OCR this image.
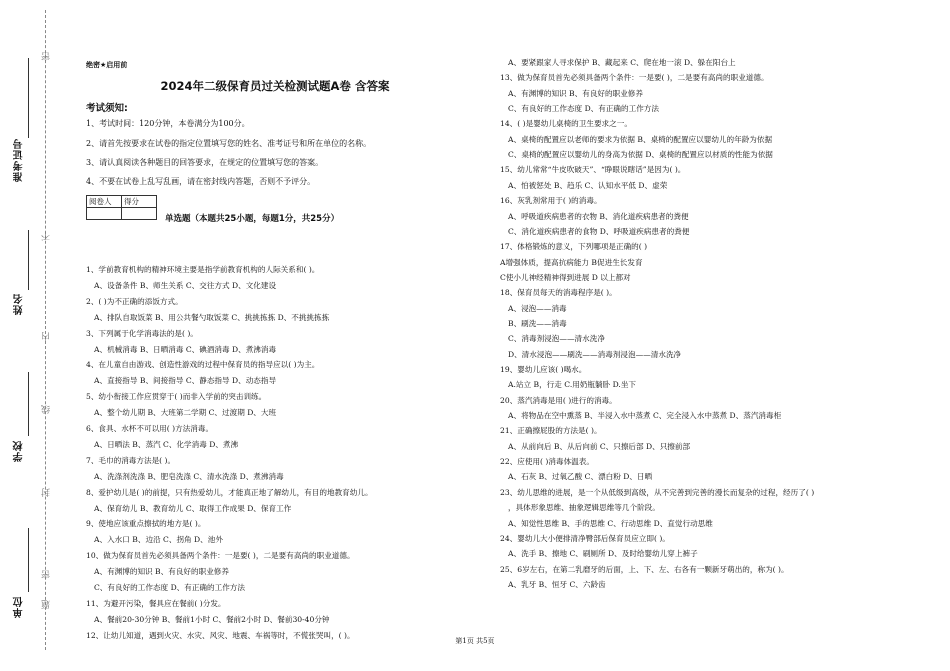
准考证号
姓名
学校
单位
密
不
内
线
封
密
题
绝密★启用前
2024年二级保育员过关检测试题A卷 含答案
考试须知:
1、考试时间：120分钟，本卷满分为100分。
2、请首先按要求在试卷的指定位置填写您的姓名、准考证号和所在单位的名称。
3、请认真阅读各种题目的回答要求，在规定的位置填写您的答案。
4、不要在试卷上乱写乱画，请在密封线内答题，否则不予评分。
阅卷人	得分

单选题（本题共25小题，每题1分，共25分）
1、学前教育机构的精神环境主要是指学前教育机构的人际关系和( )。
A、设备条件 B、师生关系 C、交往方式 D、文化建设
2、( )为不正确的添饭方式。
A、排队自取饭菜 B、用公共餐勺取饭菜 C、挑挑拣拣 D、不挑挑拣拣
3、下列属于化学消毒法的是( )。
A、机械消毒 B、日晒消毒 C、碘酒消毒 D、煮沸消毒
4、在儿童自由游戏、创造性游戏的过程中保育员的指导应以( )为主。
A、直接指导 B、间接指导 C、静态指导 D、动态指导
5、幼小衔接工作应贯穿于( )而非入学前的突击训练。
A、整个幼儿期 B、大班第二学期 C、过渡期 D、大班
6、食具、水杯不可以用( )方法消毒。
A、日晒法 B、蒸汽 C、化学消毒 D、煮沸
7、毛巾的消毒方法是( )。
A、洗涤剂洗涤 B、肥皂洗涤 C、清水洗涤 D、煮沸消毒
8、爱护幼儿是( )的前提，只有热爱幼儿，才能真正地了解幼儿，有目的地教育幼儿。
A、保育幼儿 B、教育幼儿 C、取得工作成果 D、保育工作
9、使地应该重点擦拭的地方是( )。
A、入水口 B、边沿 C、拐角 D、池外
10、做为保育员首先必须具备两个条件：一是要( )，二是要有高尚的职业道德。
A、有渊博的知识 B、有良好的职业修养
C、有良好的工作态度 D、有正确的工作方法
11、为避开污染，餐具应在餐前( )分发。
A、餐前20-30分钟 B、餐前1小时 C、餐前2小时 D、餐前30-40分钟
12、让幼儿知道，遇到火灾、水灾、风灾、地震、车祸等时，不慌张哭叫，( )。
A、要紧跟家人寻求保护 B、藏起来 C、爬在地一滚 D、躲在阳台上
13、做为保育员首先必须具备两个条件：一是要( )，二是要有高尚的职业道德。
A、有渊博的知识 B、有良好的职业修养
C、有良好的工作态度 D、有正确的工作方法
14、( )是婴幼儿桌椅的卫生要求之一。
A、桌椅的配置应以老师的要求为依据 B、桌椅的配置应以婴幼儿的年龄为依据
C、桌椅的配置应以婴幼儿的身高为依据 D、桌椅的配置应以材质的性能为依据
15、幼儿常常“牛皮吹破天”、“睁眼说瞎话”是因为( )。
A、怕被惩处 B、趋乐 C、认知水平低 D、虚荣
16、灰乳剂常用于( )的消毒。
A、呼吸道疾病患者的衣物 B、消化道疾病患者的粪便
C、消化道疾病患者的食物 D、呼吸道疾病患者的粪便
17、体格锻炼的意义，下列哪项是正确的( )
A增强体质，提高抗病能力 B促进生长发育
C使小儿神经精神得到进展 D 以上都对
18、保育员每天的消毒程序是( )。
A、浸泡——消毒
B、刷洗——消毒
C、消毒剂浸泡——清水洗净
D、清水浸泡——刷洗——消毒剂浸泡——清水洗净
19、婴幼儿应该( )喝水。
A.站立 B，行走 C.用奶瓶躺卧 D.坐下
20、蒸汽消毒是用( )进行的消毒。
A、将物品在空中熏蒸 B、半浸入水中蒸煮 C、完全浸入水中蒸煮 D、蒸汽消毒柜
21、正确擦屁股的方法是( )。
A、从前向后 B、从后向前 C、只擦后部 D、只擦前部
22、应使用( )消毒体温表。
A、石灰 B、过氧乙酸 C、漂白粉 D、日晒
23、幼儿思维的进展，是一个从低级到高级，从不完善到完善的漫长而复杂的过程，经历了( )
，具体形象思维、抽象逻辑思维等几个阶段。
A、知觉性思维 B、手的思维 C、行动思维 D、直觉行动思维
24、婴幼儿大小便排清净臀部后保育员应立即( )。
A、洗手 B、擦地 C、刷厕所 D、及时给婴幼儿穿上裤子
25、6岁左右，在第二乳磨牙的后面，上、下、左、右各有一颗新牙萌出的，称为( )。
A、乳牙 B、恒牙 C、六龄齿
第1页 共5页
